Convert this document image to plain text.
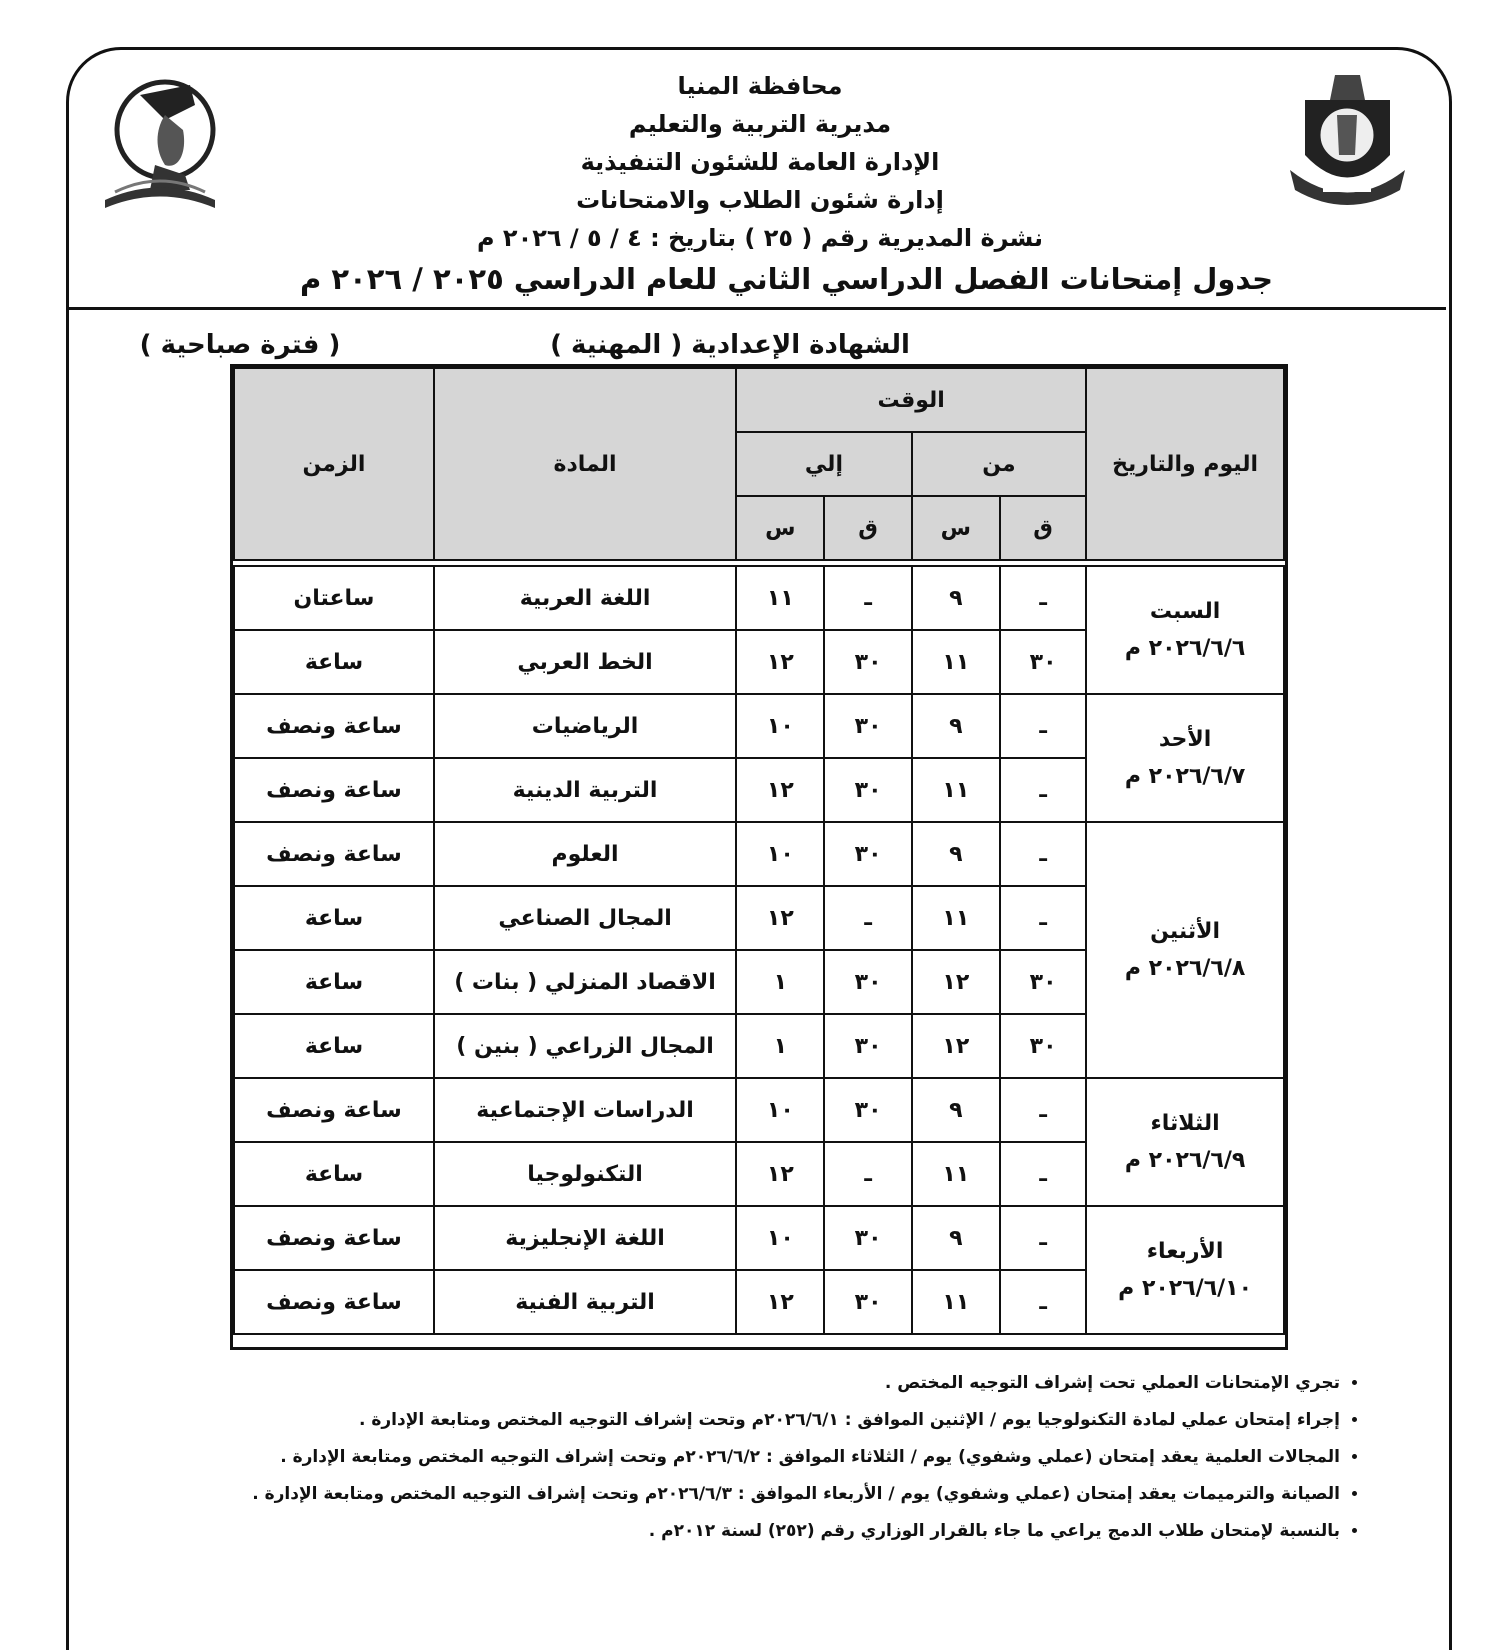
محافظة المنيا
مديرية التربية والتعليم
الإدارة العامة للشئون التنفيذية
إدارة شئون الطلاب والامتحانات
نشرة المديرية رقم ( ٢٥ ) بتاريخ : ٤ / ٥ / ٢٠٢٦ م
جدول إمتحانات الفصل الدراسي الثاني للعام الدراسي ٢٠٢٥ / ٢٠٢٦ م
الشهادة الإعدادية ( المهنية )
( فترة صباحية )
اليوم والتاريخ	الوقت				المادة	الزمن
	من		إلي			
	ق	س	ق	س		

السبت
٢٠٢٦/٦/٦ م	ـ	٩	ـ	١١	اللغة العربية	ساعتان
	٣٠	١١	٣٠	١٢	الخط العربي	ساعة

الأحد
٢٠٢٦/٦/٧ م	ـ	٩	٣٠	١٠	الرياضيات	ساعة ونصف
	ـ	١١	٣٠	١٢	التربية الدينية	ساعة ونصف

الأثنين
٢٠٢٦/٦/٨ م	ـ	٩	٣٠	١٠	العلوم	ساعة ونصف
	ـ	١١	ـ	١٢	المجال الصناعي	ساعة
	٣٠	١٢	٣٠	١	الاقصاد المنزلي ( بنات )	ساعة
	٣٠	١٢	٣٠	١	المجال الزراعي ( بنين )	ساعة

الثلاثاء
٢٠٢٦/٦/٩ م	ـ	٩	٣٠	١٠	الدراسات الإجتماعية	ساعة ونصف
	ـ	١١	ـ	١٢	التكنولوجيا	ساعة

الأربعاء
٢٠٢٦/٦/١٠ م	ـ	٩	٣٠	١٠	اللغة الإنجليزية	ساعة ونصف
	ـ	١١	٣٠	١٢	التربية الفنية	ساعة ونصف
• تجري الإمتحانات العملي تحت إشراف التوجيه المختص .
• إجراء إمتحان عملي لمادة التكنولوجيا يوم / الإثنين الموافق : ٢٠٢٦/٦/١م وتحت إشراف التوجيه المختص ومتابعة الإدارة .
• المجالات العلمية يعقد إمتحان (عملي وشفوي) يوم / الثلاثاء الموافق : ٢٠٢٦/٦/٢م وتحت إشراف التوجيه المختص ومتابعة الإدارة .
• الصيانة والترميمات يعقد إمتحان (عملي وشفوي) يوم / الأربعاء الموافق : ٢٠٢٦/٦/٣م وتحت إشراف التوجيه المختص ومتابعة الإدارة .
• بالنسبة لإمتحان طلاب الدمج يراعي ما جاء بالقرار الوزاري رقم (٢٥٢) لسنة ٢٠١٢م .
